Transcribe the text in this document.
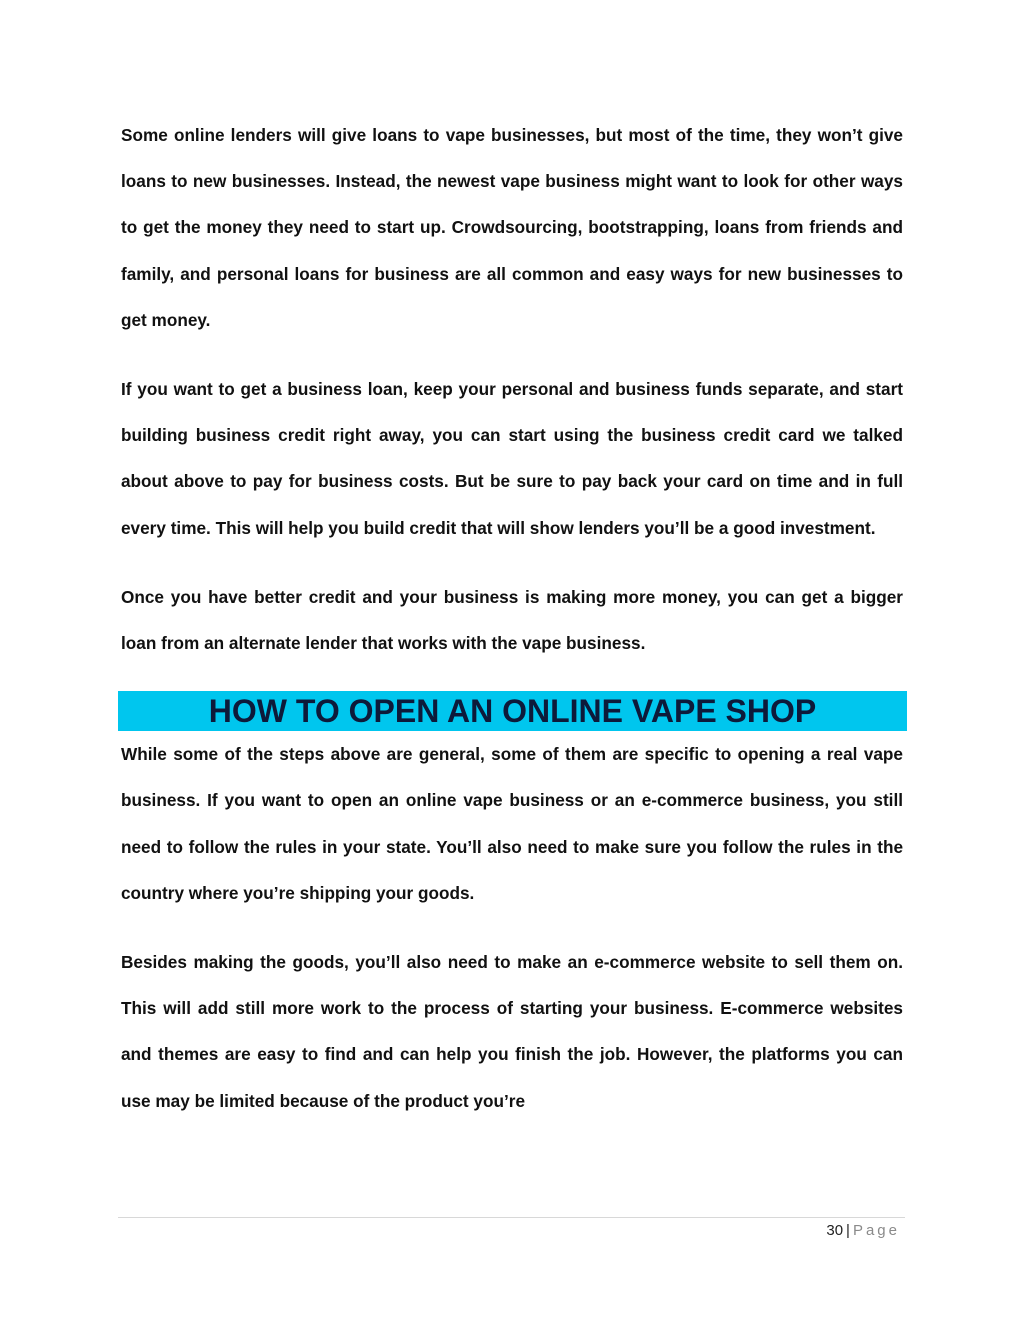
Some online lenders will give loans to vape businesses, but most of the time, they won’t give loans to new businesses. Instead, the newest vape business might want to look for other ways to get the money they need to start up. Crowdsourcing, bootstrapping, loans from friends and family, and personal loans for business are all common and easy ways for new businesses to get money.

If you want to get a business loan, keep your personal and business funds separate, and start building business credit right away, you can start using the business credit card we talked about above to pay for business costs. But be sure to pay back your card on time and in full every time. This will help you build credit that will show lenders you’ll be a good investment.

Once you have better credit and your business is making more money, you can get a bigger loan from an alternate lender that works with the vape business.

HOW TO OPEN AN ONLINE VAPE SHOP

While some of the steps above are general, some of them are specific to opening a real vape business. If you want to open an online vape business or an e-commerce business, you still need to follow the rules in your state. You’ll also need to make sure you follow the rules in the country where you’re shipping your goods.

Besides making the goods, you’ll also need to make an e-commerce website to sell them on. This will add still more work to the process of starting your business. E-commerce websites and themes are easy to find and can help you finish the job. However, the platforms you can use may be limited because of the product you’re

30 | Page
